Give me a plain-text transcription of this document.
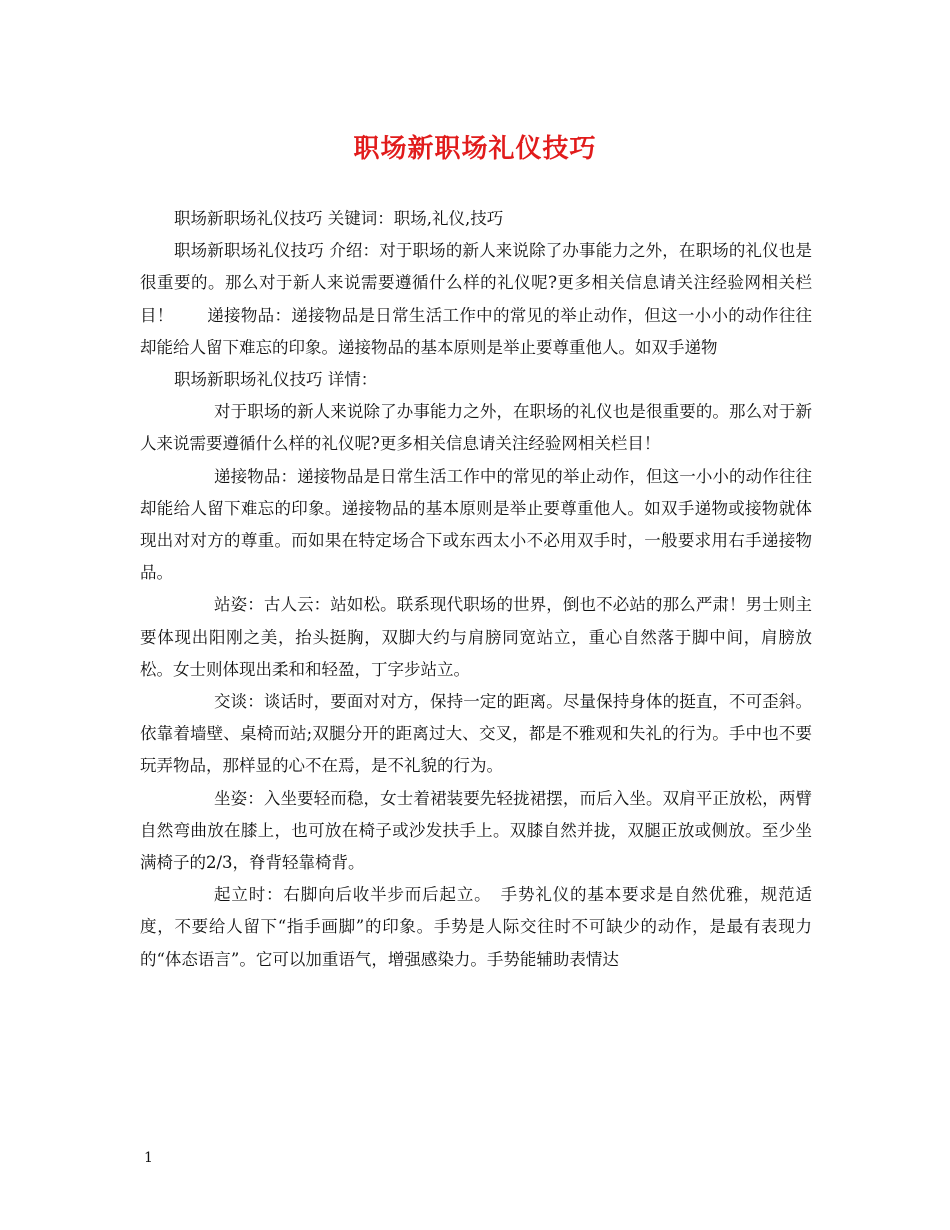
职场新职场礼仪技巧

职场新职场礼仪技巧 关键词：职场,礼仪,技巧

职场新职场礼仪技巧 介绍：对于职场的新人来说除了办事能力之外，在职场的礼仪也是很重要的。那么对于新人来说需要遵循什么样的礼仪呢?更多相关信息请关注经验网相关栏目！　　递接物品：递接物品是日常生活工作中的常见的举止动作，但这一小小的动作往往却能给人留下难忘的印象。递接物品的基本原则是举止要尊重他人。如双手递物

职场新职场礼仪技巧 详情：

对于职场的新人来说除了办事能力之外，在职场的礼仪也是很重要的。那么对于新人来说需要遵循什么样的礼仪呢?更多相关信息请关注经验网相关栏目！

递接物品：递接物品是日常生活工作中的常见的举止动作，但这一小小的动作往往却能给人留下难忘的印象。递接物品的基本原则是举止要尊重他人。如双手递物或接物就体现出对对方的尊重。而如果在特定场合下或东西太小不必用双手时，一般要求用右手递接物品。

站姿：古人云：站如松。联系现代职场的世界，倒也不必站的那么严肃！男士则主要体现出阳刚之美，抬头挺胸，双脚大约与肩膀同宽站立，重心自然落于脚中间，肩膀放松。女士则体现出柔和和轻盈，丁字步站立。

交谈：谈话时，要面对对方，保持一定的距离。尽量保持身体的挺直，不可歪斜。依靠着墙壁、桌椅而站;双腿分开的距离过大、交叉，都是不雅观和失礼的行为。手中也不要玩弄物品，那样显的心不在焉，是不礼貌的行为。

坐姿：入坐要轻而稳，女士着裙装要先轻拢裙摆，而后入坐。双肩平正放松，两臂自然弯曲放在膝上，也可放在椅子或沙发扶手上。双膝自然并拢，双腿正放或侧放。至少坐满椅子的2/3，脊背轻靠椅背。

起立时：右脚向后收半步而后起立。　手势礼仪的基本要求是自然优雅，规范适度，不要给人留下“指手画脚”的印象。手势是人际交往时不可缺少的动作，是最有表现力的“体态语言”。它可以加重语气，增强感染力。手势能辅助表情达

1
